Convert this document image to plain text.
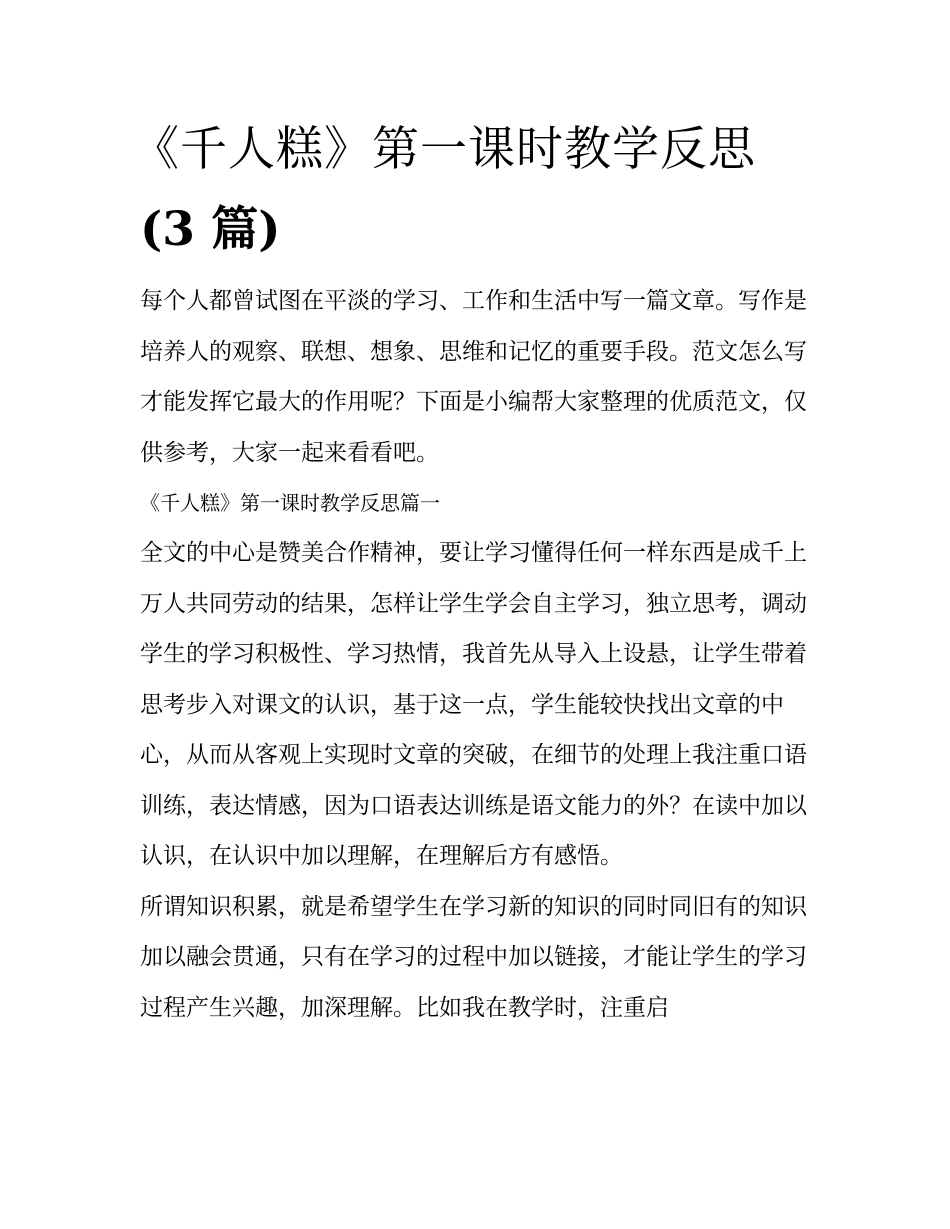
《千人糕》第一课时教学反思
(3 篇)

每个人都曾试图在平淡的学习、工作和生活中写一篇文章。写作是培养人的观察、联想、想象、思维和记忆的重要手段。范文怎么写才能发挥它最大的作用呢？下面是小编帮大家整理的优质范文，仅供参考，大家一起来看看吧。

《千人糕》第一课时教学反思篇一

全文的中心是赞美合作精神，要让学习懂得任何一样东西是成千上万人共同劳动的结果，怎样让学生学会自主学习，独立思考，调动学生的学习积极性、学习热情，我首先从导入上设悬，让学生带着思考步入对课文的认识，基于这一点，学生能较快找出文章的中心，从而从客观上实现时文章的突破，在细节的处理上我注重口语训练，表达情感，因为口语表达训练是语文能力的外？在读中加以认识，在认识中加以理解，在理解后方有感悟。

所谓知识积累，就是希望学生在学习新的知识的同时同旧有的知识加以融会贯通，只有在学习的过程中加以链接，才能让学生的学习过程产生兴趣，加深理解。比如我在教学时，注重启
